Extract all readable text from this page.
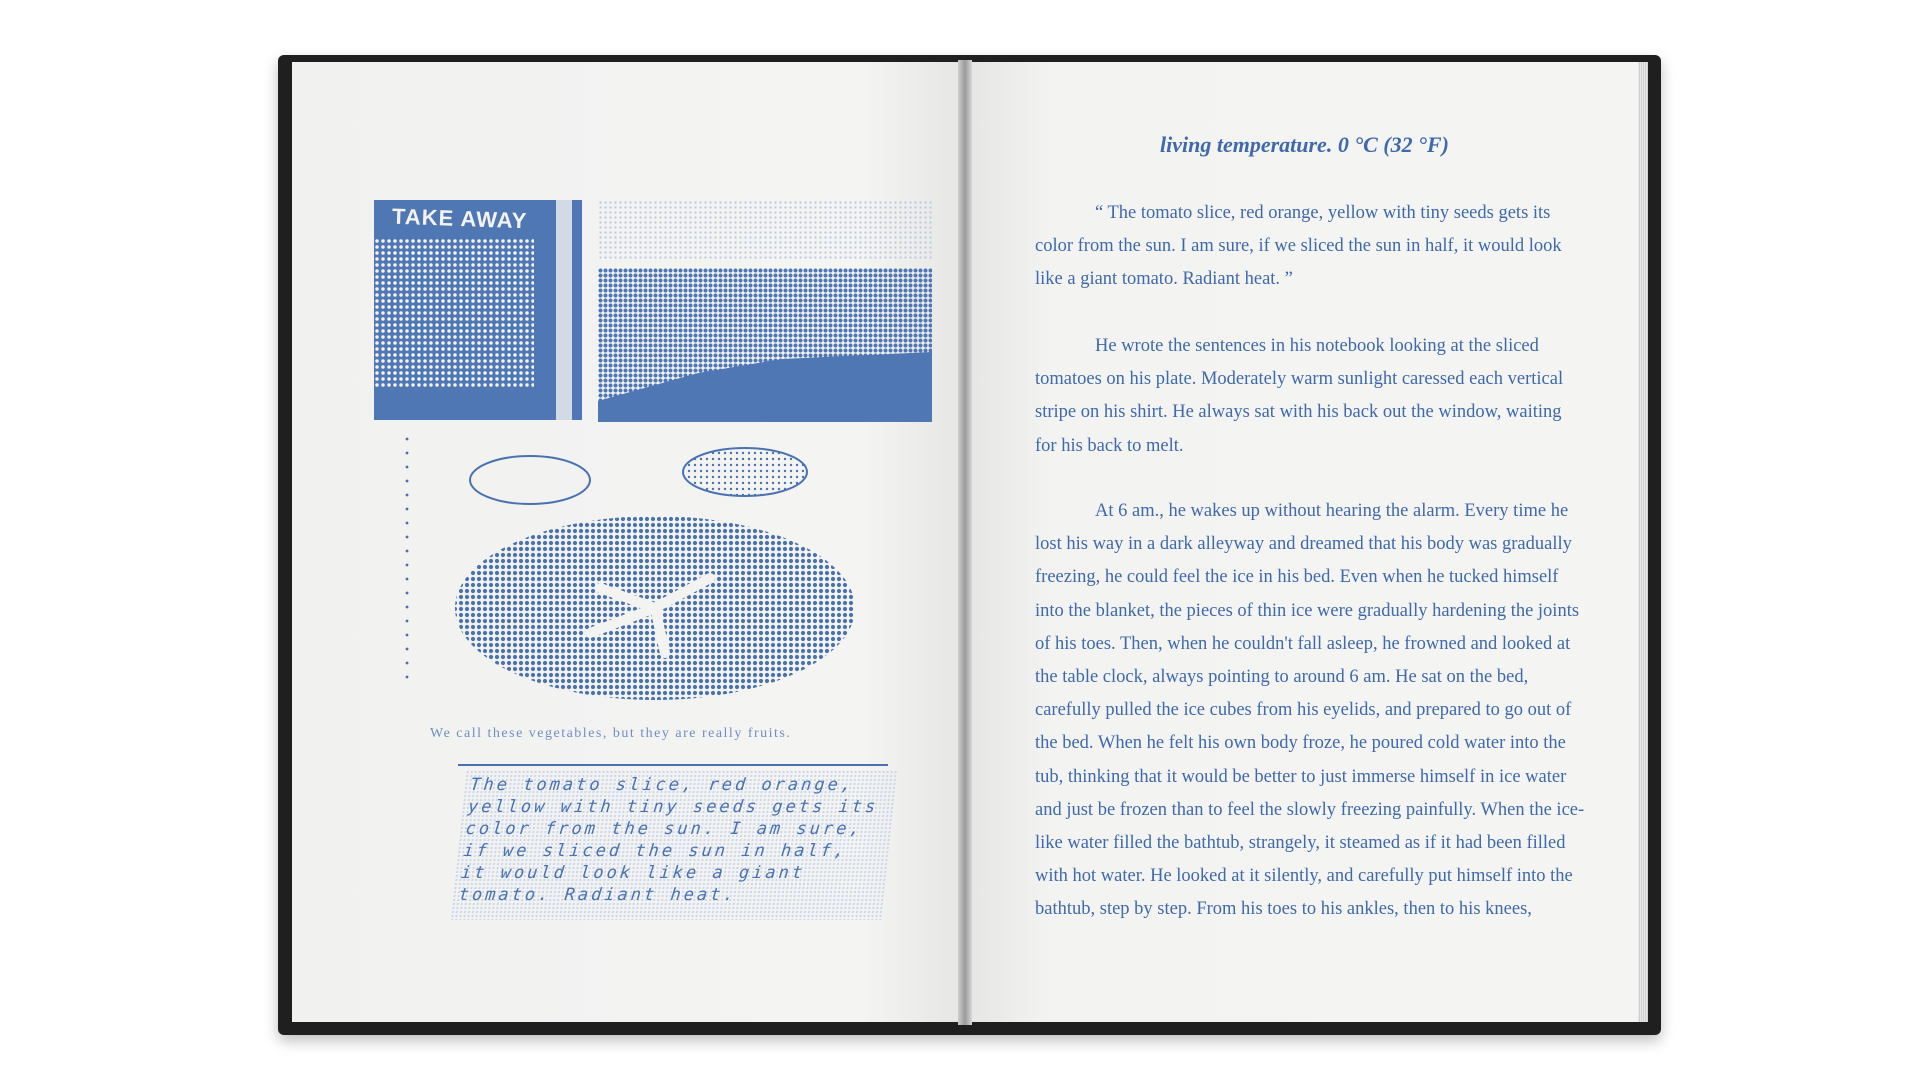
TAKE AWAY
We call these vegetables, but they are really fruits.
The tomato slice, red orange, yellow with tiny seeds gets its color from the sun. I am sure, if we sliced the sun in half, it would look like a giant tomato. Radiant heat.
living temperature. 0 °C (32 °F)

“ The tomato slice, red orange, yellow with tiny seeds gets its color from the sun. I am sure, if we sliced the sun in half, it would look like a giant tomato. Radiant heat. ”

He wrote the sentences in his notebook looking at the sliced tomatoes on his plate. Moderately warm sunlight caressed each vertical stripe on his shirt. He always sat with his back out the window, waiting for his back to melt.

At 6 am., he wakes up without hearing the alarm. Every time he lost his way in a dark alleyway and dreamed that his body was gradually freezing, he could feel the ice in his bed. Even when he tucked himself into the blanket, the pieces of thin ice were gradually hardening the joints of his toes. Then, when he couldn't fall asleep, he frowned and looked at the table clock, always pointing to around 6 am. He sat on the bed, carefully pulled the ice cubes from his eyelids, and prepared to go out of the bed. When he felt his own body froze, he poured cold water into the tub, thinking that it would be better to just immerse himself in ice water and just be frozen than to feel the slowly freezing painfully. When the ice-like water filled the bathtub, strangely, it steamed as if it had been filled with hot water. He looked at it silently, and carefully put himself into the bathtub, step by step. From his toes to his ankles, then to his knees,
